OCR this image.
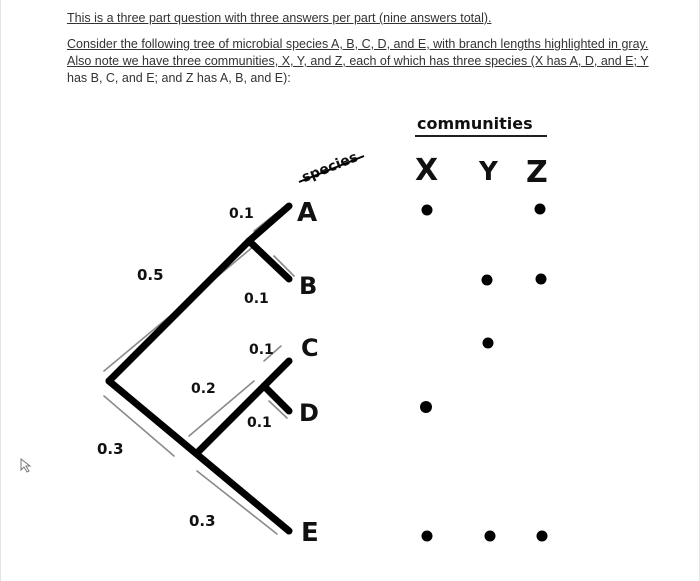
This is a three part question with three answers per part (nine answers total).

Consider the following tree of microbial species A, B, C, D, and E, with branch lengths highlighted in gray.
Also note we have three communities, X, Y, and Z, each of which has three species (X has A, D, and E; Y
has B, C, and E; and Z has A, B, and E):

0.1
0.1
0.1
0.1
0.5
0.2
0.3
0.3
species
A
B
C
D
E
communities
X Y Z
